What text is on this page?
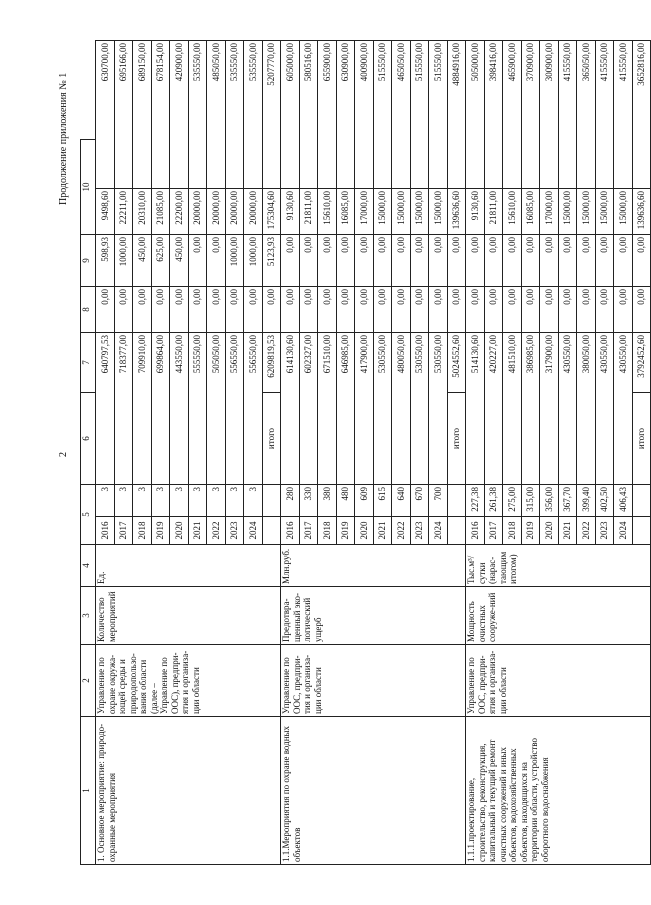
2
Продолжение приложения № 1
1	2	3	4	5		6	7	8	9	10	
1. Основное мероприятие: природо-охранные мероприятия	Управление по охране окружа-ющей среды и природопользо-вания области (далее – Управление по ООС), предпри-ятия и организа-ции области	Количество мероприятий	Ед.	2016	3	640797,53		0,00	598,93	9498,60	630700,00
				2017	3	718377,00		0,00	1000,00	22211,00	695166,00
				2018	3	709910,00		0,00	450,00	20310,00	689150,00
				2019	3	699864,00		0,00	625,00	21085,00	678154,00
				2020	3	443550,00		0,00	450,00	22200,00	420900,00
				2021	3	555550,00		0,00	0,00	20000,00	535550,00
				2022	3	505050,00		0,00	0,00	20000,00	485050,00
				2023	3	556550,00		0,00	1000,00	20000,00	535550,00
				2024	3	556550,00		0,00	1000,00	20000,00	535550,00
						итого	6209819,53	0,00	5123,93	175304,60	5207770,00
1.1.Мероприятия по охране водных объектов	Управление по ООС, предпри-тия и организа-ции области	Предотвра-щенный эко-логический ущерб	Млн.руб.	2016	280	614130,60		0,00	0,00	9130,60	605000,00
				2017	330	602327,00		0,00	0,00	21811,00	580516,00
				2018	380	671510,00		0,00	0,00	15610,00	655900,00
				2019	480	646985,00		0,00	0,00	16085,00	630900,00
				2020	609	417900,00		0,00	0,00	17000,00	400900,00
				2021	615	530550,00		0,00	0,00	15000,00	515550,00
				2022	640	480050,00		0,00	0,00	15000,00	465050,00
				2023	670	530550,00		0,00	0,00	15000,00	515550,00
				2024	700	530550,00		0,00	0,00	15000,00	515550,00
						итого	5024552,60	0,00	0,00	139636,60	4884916,00
1.1.1.проектирование, строительство, реконструкция, капитальный и текущий ремонт очистных сооружений и иных объектов, водохозяйственных объектов, находящихся на территории области, устройство оборотного водоснабжения	Управление по ООС, предпри-ятия и организа-ции области	Мощность очистных сооруже-ний	Тыс.м³/ сутки (нарас-тающим итогом)	2016	227,38	514130,60		0,00	0,00	9130,60	505000,00
				2017	261,38	420227,00		0,00	0,00	21811,00	398416,00
				2018	275,00	481510,00		0,00	0,00	15610,00	465900,00
				2019	315,00	386985,00		0,00	0,00	16085,00	370900,00
				2020	356,00	317900,00		0,00	0,00	17000,00	300900,00
				2021	367,70	430550,00		0,00	0,00	15000,00	415550,00
				2022	399,40	380050,00		0,00	0,00	15000,00	365050,00
				2023	402,50	430550,00		0,00	0,00	15000,00	415550,00
				2024	406,43	430550,00		0,00	0,00	15000,00	415550,00
						итого	3792452,60	0,00	0,00	139636,60	3652816,00
